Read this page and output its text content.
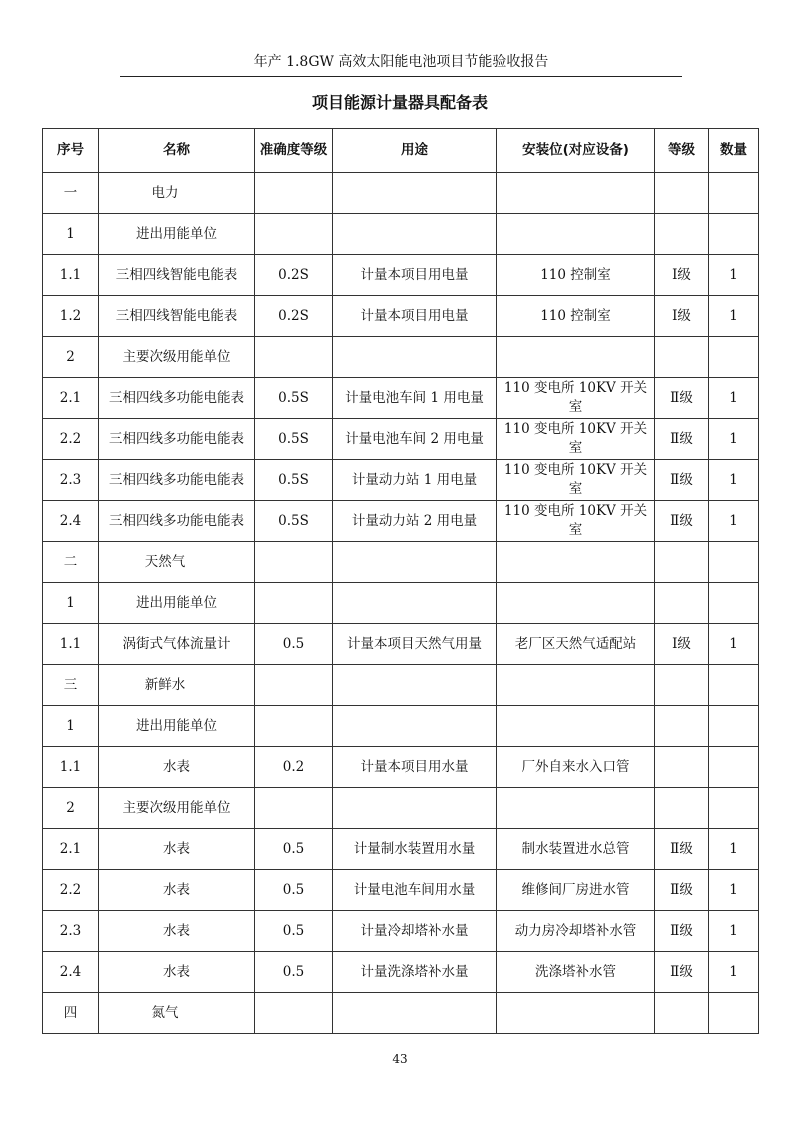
年产 1.8GW 高效太阳能电池项目节能验收报告
项目能源计量器具配备表
序号	名称	准确度等级	用途	安装位(对应设备)	等级	数量
一	电力					
1	进出用能单位					
1.1	三相四线智能电能表	0.2S	计量本项目用电量	110 控制室	Ⅰ级	1
1.2	三相四线智能电能表	0.2S	计量本项目用电量	110 控制室	Ⅰ级	1
2	主要次级用能单位					
2.1	三相四线多功能电能表	0.5S	计量电池车间 1 用电量	110 变电所 10KV 开关室	Ⅱ级	1
2.2	三相四线多功能电能表	0.5S	计量电池车间 2 用电量	110 变电所 10KV 开关室	Ⅱ级	1
2.3	三相四线多功能电能表	0.5S	计量动力站 1 用电量	110 变电所 10KV 开关室	Ⅱ级	1
2.4	三相四线多功能电能表	0.5S	计量动力站 2 用电量	110 变电所 10KV 开关室	Ⅱ级	1
二	天然气					
1	进出用能单位					
1.1	涡街式气体流量计	0.5	计量本项目天然气用量	老厂区天然气适配站	Ⅰ级	1
三	新鲜水					
1	进出用能单位					
1.1	水表	0.2	计量本项目用水量	厂外自来水入口管		
2	主要次级用能单位					
2.1	水表	0.5	计量制水装置用水量	制水装置进水总管	Ⅱ级	1
2.2	水表	0.5	计量电池车间用水量	维修间厂房进水管	Ⅱ级	1
2.3	水表	0.5	计量冷却塔补水量	动力房冷却塔补水管	Ⅱ级	1
2.4	水表	0.5	计量洗涤塔补水量	洗涤塔补水管	Ⅱ级	1
四	氮气					
43
